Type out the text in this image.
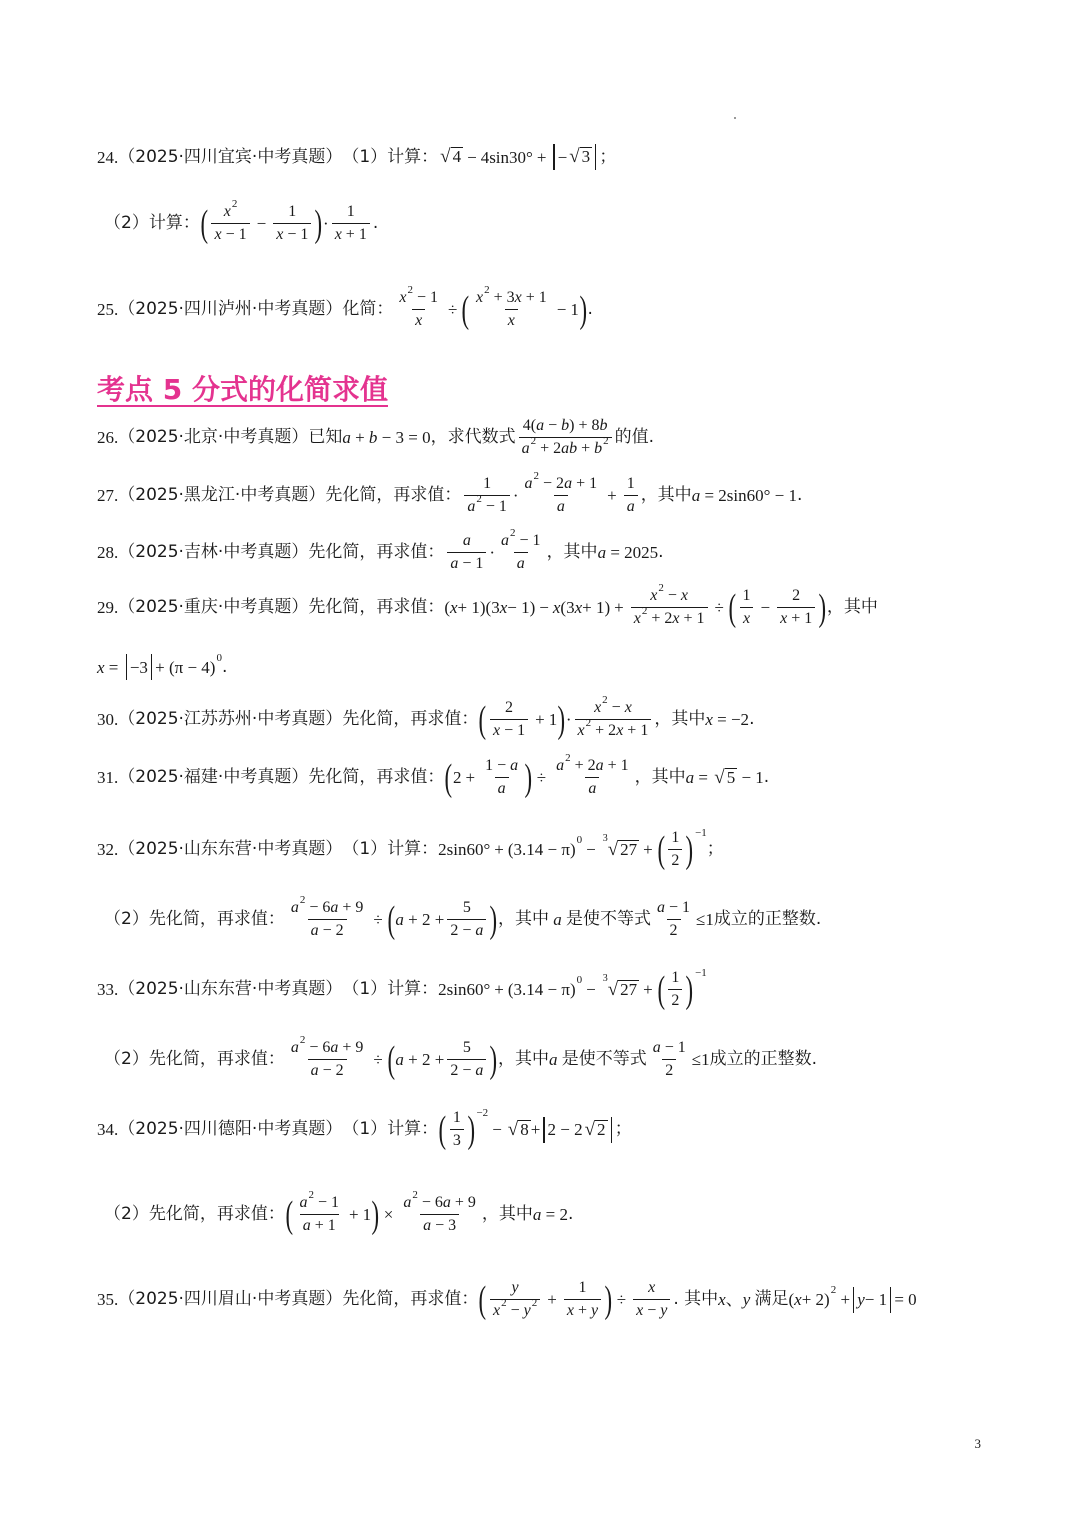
24. （2025·四川宜宾·中考真题） （1）计算： √ 4 − 4sin30° + − √ 3 ；
（2）计算： ( $\frac{x^2}{x - 1} - \frac{1}{x - 1}$ ) · $\frac{1}{x + 1}$ .
25. （2025·四川泸州·中考真题） 化简： $\frac{x^2 - 1}{x}$ ÷ ( $\frac{x^2 + 3x + 1}{x} - 1$ ) .
考点 5 分式的化简求值
26. （2025·北京·中考真题） 已知 a + b − 3 = 0 ，求代数式 $\frac{4(a - b) + 8b}{a^2 + 2ab + b^2}$ 的值.
27. （2025·黑龙江·中考真题） 先化简，再求值： $\frac{1}{a^2 - 1} \cdot \frac{a^2 - 2a + 1}{a} + \frac{1}{a}$ ，其中 a = 2sin60° − 1 .
28. （2025·吉林·中考真题） 先化简，再求值： $\frac{a}{a - 1} \cdot \frac{a^2 - 1}{a}$ ，其中 a = 2025 .
29. （2025·重庆·中考真题） 先化简，再求值： ( x + 1)(3 x − 1) − x (3 $x + 1) + \frac{x^2 - x}{x^2 + 2x + 1}$ ÷ ( $\frac{1}{x} - \frac{2}{x + 1}$ ) ，其中
x =
−3 + (π − 4) 0 .
30. （2025·江苏苏州·中考真题） 先化简，再求值： ( $\frac{2}{x - 1} + 1$ ) · $\frac{x^2 - x}{x^2 + 2x + 1}$ ，其中 x = −2 .
31. （2025·福建·中考真题） 先化简，再求值： ( $2 + \frac{1 - a}{a}$ ) ÷ $\frac{a^2 + 2a + 1}{a}$ ，其中 a = √ 5 − 1 .
32. （2025·山东东营·中考真题） （1）计算： 2sin60° + (3.14 − π) 0 −
3
√ 27 + ( $\frac{1}{2}$ ) −1
；
（2）先化简，再求值： $\frac{a^2 - 6a + 9}{a - 2}$ ÷ ( $a + 2 + \frac{5}{2 - a}$ ) ，其中
a
是使不等式 $\frac{a - 1}{2} \le 1$ 成立的正整数.
33. （2025·山东东营·中考真题） （1）计算： 2sin60° + (3.14 − π) 0 −
3
√ 27 + ( $\frac{1}{2}$ ) −1
（2）先化简，再求值： $\frac{a^2 - 6a + 9}{a - 2}$ ÷ ( $a + 2 + \frac{5}{2 - a}$ ) ，其中 a
是使不等式 $\frac{a - 1}{2} \le 1$ 成立的正整数.
34. （2025·四川德阳·中考真题） （1）计算： ( $\frac{1}{3}$ ) −2
− √ 8 + 2 − 2 √ 2 ；
（2）先化简，再求值： ( $\frac{a^2 - 1}{a + 1} + 1$ ) × $\frac{a^2 - 6a + 9}{a - 3}$ ，其中 a = 2 .
35. （2025·四川眉山·中考真题） 先化简，再求值： ( $\frac{y}{x^2 - y^2} + \frac{1}{x + y}$ ) ÷ $\frac{x}{x - y}$ . 其中 x 、 y
满足 ( x + 2) 2 + y − 1 = 0
3
